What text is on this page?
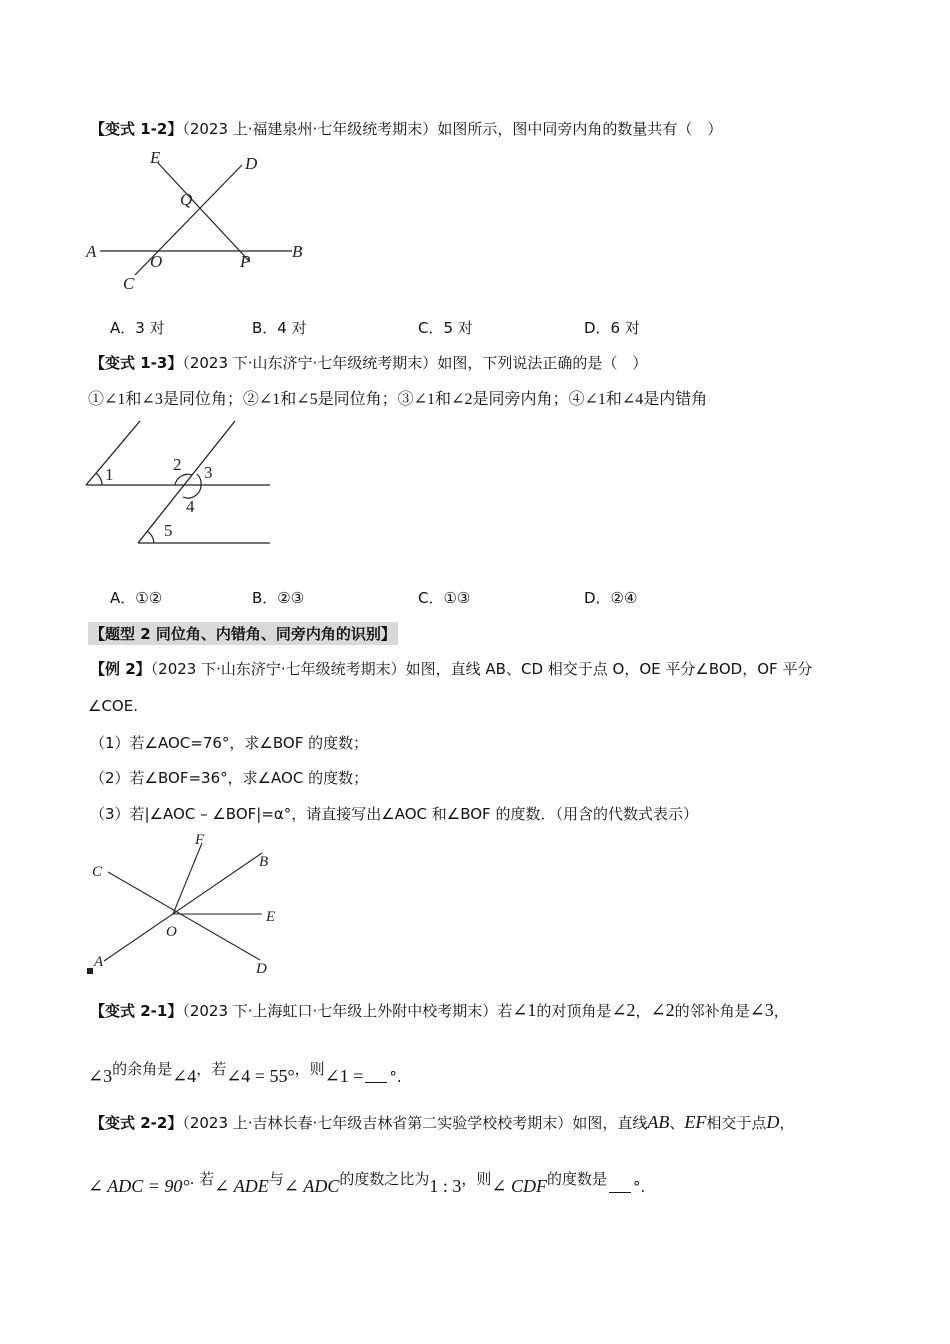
【变式 1-2】（2023 上·福建泉州·七年级统考期末）如图所示，图中同旁内角的数量共有（　）
E	D
Q
A
O	P
B
C
A．3 对	B．4 对	C．5 对	D．6 对
【变式 1-3】（2023 下·山东济宁·七年级统考期末）如图，下列说法正确的是（　）
①∠1和∠3是同位角；②∠1和∠5是同位角；③∠1和∠2是同旁内角；④∠1和∠4是内错角
1
2 3
4
5
A．①②	B．②③	C．①③	D．②④
【题型 2 同位角、内错角、同旁内角的识别】
【例 2】（2023 下·山东济宁·七年级统考期末）如图，直线 AB、CD 相交于点 O，OE 平分∠BOD，OF 平分
∠COE.
（1）若∠AOC=76°，求∠BOF 的度数；
（2）若∠BOF=36°，求∠AOC 的度数；
（3）若|∠AOC – ∠BOF|=α°，请直接写出∠AOC 和∠BOF 的度数．（用含的代数式表示）
F
B
C
E
O
A	D
【变式 2-1】（2023 下·上海虹口·七年级上外附中校考期末）若∠1的对顶角是∠2，∠2的邻补角是∠3，
∠3的余角是∠4，若∠4 = 55°，则∠1 = °.
【变式 2-2】（2023 上·吉林长春·七年级吉林省第二实验学校校考期末）如图，直线AB、EF相交于点D，
∠ ADC = 90°. 若∠ ADE与∠ ADC的度数之比为1 : 3，则∠ CDF的度数是 °.
